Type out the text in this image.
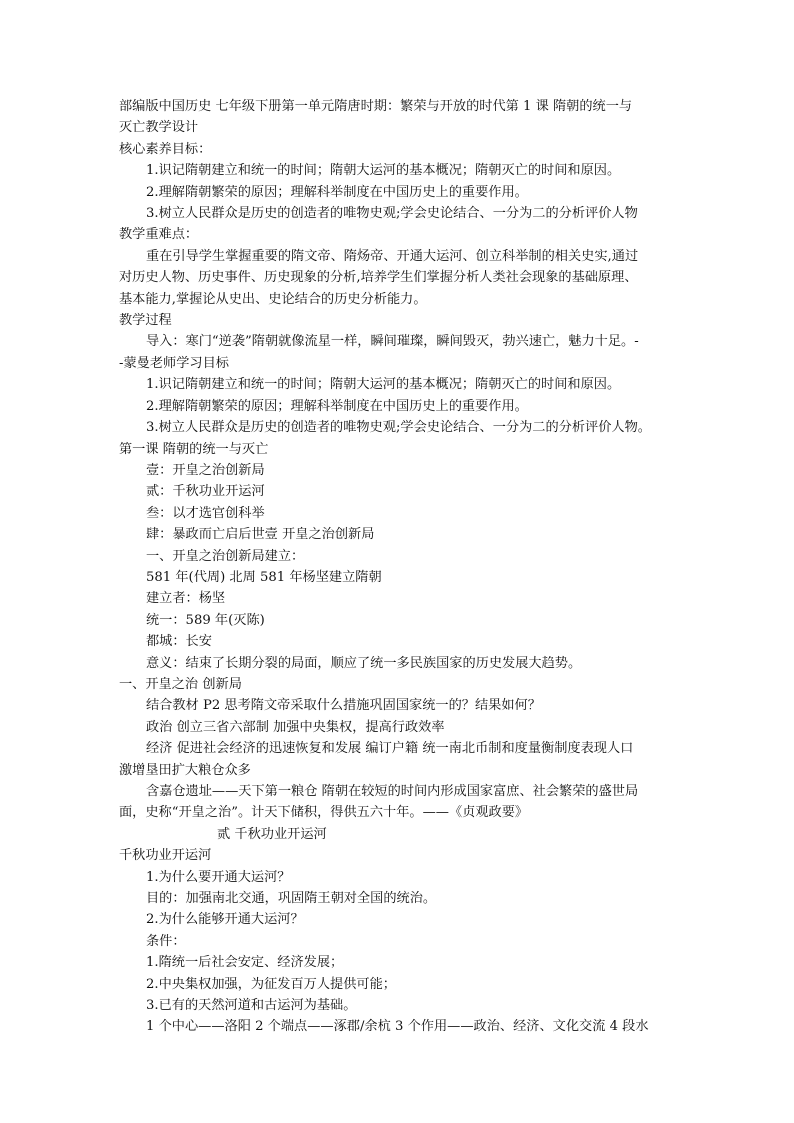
部编版中国历史 七年级下册第一单元隋唐时期：繁荣与开放的时代第 1 课 隋朝的统一与
灭亡教学设计
核心素养目标：
1.识记隋朝建立和统一的时间；隋朝大运河的基本概况；隋朝灭亡的时间和原因。
2.理解隋朝繁荣的原因；理解科举制度在中国历史上的重要作用。
3.树立人民群众是历史的创造者的唯物史观;学会史论结合、一分为二的分析评价人物
教学重难点：
重在引导学生掌握重要的隋文帝、隋炀帝、开通大运河、创立科举制的相关史实,通过
对历史人物、历史事件、历史现象的分析,培养学生们掌握分析人类社会现象的基础原理、
基本能力,掌握论从史出、史论结合的历史分析能力。
教学过程
导入：寒门“逆袭”隋朝就像流星一样，瞬间璀璨，瞬间毁灭，勃兴速亡，魅力十足。-
-蒙曼老师学习目标
1.识记隋朝建立和统一的时间；隋朝大运河的基本概况；隋朝灭亡的时间和原因。
2.理解隋朝繁荣的原因；理解科举制度在中国历史上的重要作用。
3.树立人民群众是历史的创造者的唯物史观;学会史论结合、一分为二的分析评价人物。
第一课 隋朝的统一与灭亡
壹：开皇之治创新局
贰：千秋功业开运河
叁：以才选官创科举
肆：暴政而亡启后世壹 开皇之治创新局
一、开皇之治创新局建立：
581 年(代周) 北周 581 年杨坚建立隋朝
建立者：杨坚
统一：589 年(灭陈)
都城：长安
意义：结束了长期分裂的局面，顺应了统一多民族国家的历史发展大趋势。
一、开皇之治 创新局
结合教材 P2 思考隋文帝采取什么措施巩固国家统一的？结果如何？
政治 创立三省六部制 加强中央集权，提高行政效率
经济 促进社会经济的迅速恢复和发展 编订户籍 统一南北币制和度量衡制度表现人口
激增垦田扩大粮仓众多
含嘉仓遗址——天下第一粮仓 隋朝在较短的时间内形成国家富庶、社会繁荣的盛世局
面，史称“开皇之治”。计天下储积，得供五六十年。——《贞观政要》
贰 千秋功业开运河
千秋功业开运河
1.为什么要开通大运河？
目的：加强南北交通，巩固隋王朝对全国的统治。
2.为什么能够开通大运河？
条件：
1.隋统一后社会安定、经济发展；
2.中央集权加强，为征发百万人提供可能；
3.已有的天然河道和古运河为基础。
1 个中心——洛阳 2 个端点——涿郡/余杭 3 个作用——政治、经济、文化交流 4 段水
